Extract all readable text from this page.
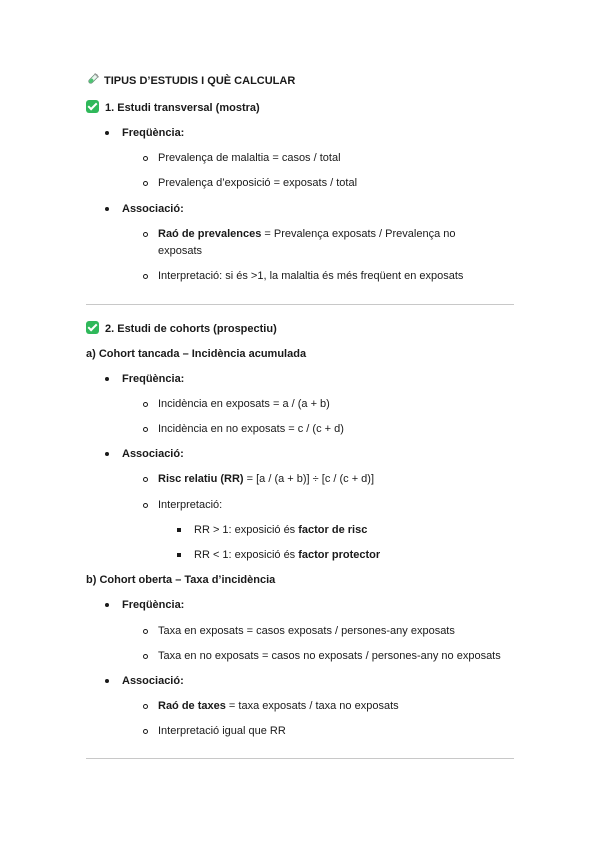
TIPUS D’ESTUDIS I QUÈ CALCULAR
1. Estudi transversal (mostra)
Freqüència:
Prevalença de malaltia = casos / total
Prevalença d’exposició = exposats / total
Associació:
Raó de prevalences = Prevalença exposats / Prevalença no
exposats
Interpretació: si és >1, la malaltia és més freqüent en exposats
2. Estudi de cohorts (prospectiu)
a) Cohort tancada – Incidència acumulada
Freqüència:
Incidència en exposats = a / (a + b)
Incidència en no exposats = c / (c + d)
Associació:
Risc relatiu (RR) = [a / (a + b)] ÷ [c / (c + d)]
Interpretació:
RR > 1: exposició és factor de risc
RR < 1: exposició és factor protector
b) Cohort oberta – Taxa d’incidència
Freqüència:
Taxa en exposats = casos exposats / persones-any exposats
Taxa en no exposats = casos no exposats / persones-any no exposats
Associació:
Raó de taxes = taxa exposats / taxa no exposats
Interpretació igual que RR
